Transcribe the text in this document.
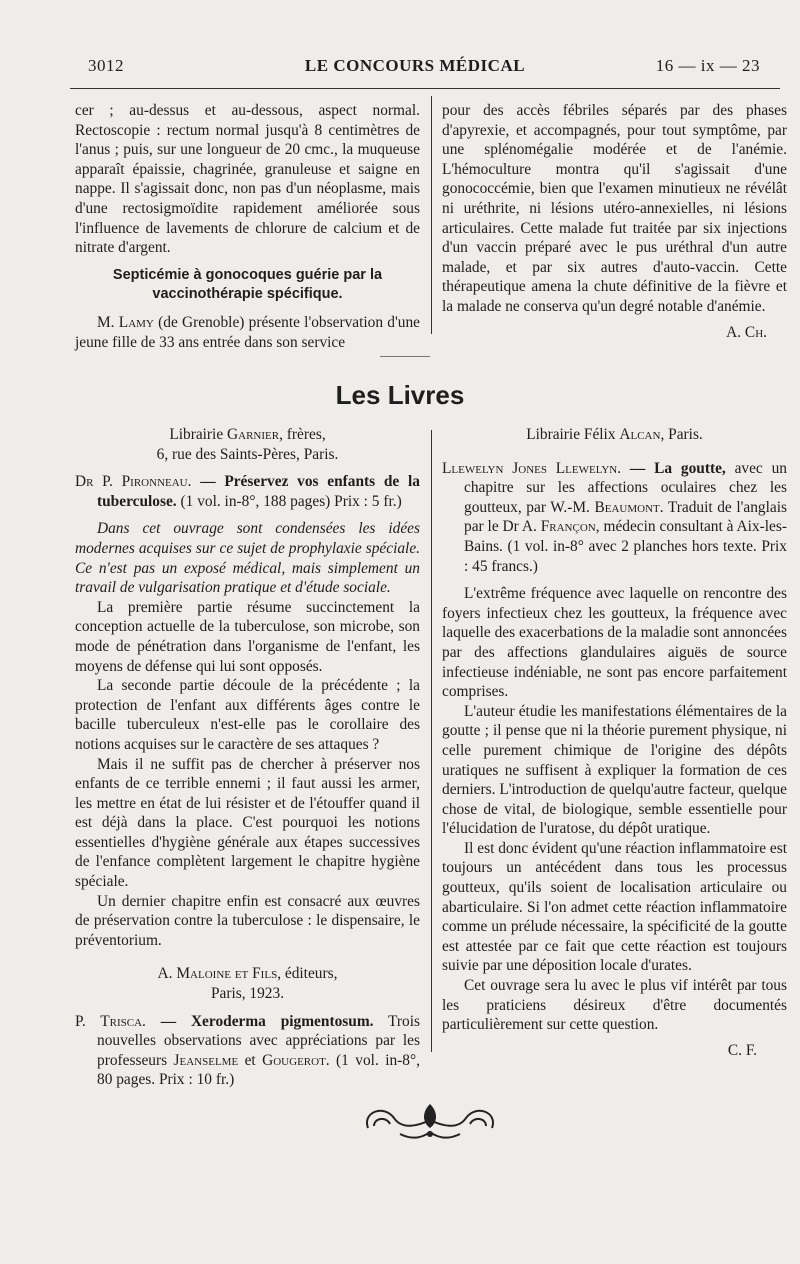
3012	LE CONCOURS MÉDICAL	16 — ix — 23

cer ; au-dessus et au-dessous, aspect normal. Rectoscopie : rectum normal jusqu'à 8 centimètres de l'anus ; puis, sur une longueur de 20 cmc., la muqueuse apparaît épaissie, chagrinée, granuleuse et saigne en nappe. Il s'agissait donc, non pas d'un néoplasme, mais d'une rectosigmoïdite rapidement améliorée sous l'influence de lavements de chlorure de calcium et de nitrate d'argent.

Septicémie à gonocoques guérie par la vaccinothérapie spécifique.

M. Lamy (de Grenoble) présente l'observation d'une jeune fille de 33 ans entrée dans son service

pour des accès fébriles séparés par des phases d'apyrexie, et accompagnés, pour tout symptôme, par une splénomégalie modérée et de l'anémie. L'hémoculture montra qu'il s'agissait d'une gonococcémie, bien que l'examen minutieux ne révélât ni uréthrite, ni lésions utéro-annexielles, ni lésions articulaires. Cette malade fut traitée par six injections d'un vaccin préparé avec le pus uréthral d'un autre malade, et par six autres d'auto-vaccin. Cette thérapeutique amena la chute définitive de la fièvre et la malade ne conserva qu'un degré notable d'anémie.

A. Ch.

Les Livres

Librairie Garnier, frères,

6, rue des Saints-Pères, Paris.

Dr P. Pironneau. — Préservez vos enfants de la tuberculose. (1 vol. in-8°, 188 pages) Prix : 5 fr.)

Dans cet ouvrage sont condensées les idées modernes acquises sur ce sujet de prophylaxie spéciale. Ce n'est pas un exposé médical, mais simplement un travail de vulgarisation pratique et d'étude sociale.

La première partie résume succinctement la conception actuelle de la tuberculose, son microbe, son mode de pénétration dans l'organisme de l'enfant, les moyens de défense qui lui sont opposés.

La seconde partie découle de la précédente ; la protection de l'enfant aux différents âges contre le bacille tuberculeux n'est-elle pas le corollaire des notions acquises sur le caractère de ses attaques ?

Mais il ne suffit pas de chercher à préserver nos enfants de ce terrible ennemi ; il faut aussi les armer, les mettre en état de lui résister et de l'étouffer quand il est déjà dans la place. C'est pourquoi les notions essentielles d'hygiène générale aux étapes successives de l'enfance complètent largement le chapitre hygiène spéciale.

Un dernier chapitre enfin est consacré aux œuvres de préservation contre la tuberculose : le dispensaire, le préventorium.

A. Maloine et Fils, éditeurs,

Paris, 1923.

P. Trisca. — Xeroderma pigmentosum. Trois nouvelles observations avec appréciations par les professeurs Jeanselme et Gougerot. (1 vol. in-8°, 80 pages. Prix : 10 fr.)

Librairie Félix Alcan, Paris.

Llewelyn Jones Llewelyn. — La goutte, avec un chapitre sur les affections oculaires chez les goutteux, par W.-M. Beaumont. Traduit de l'anglais par le Dr A. Françon, médecin consultant à Aix-les-Bains. (1 vol. in-8° avec 2 planches hors texte. Prix : 45 francs.)

L'extrême fréquence avec laquelle on rencontre des foyers infectieux chez les goutteux, la fréquence avec laquelle des exacerbations de la maladie sont annoncées par des affections glandulaires aiguës de source infectieuse indéniable, ne sont pas encore parfaitement comprises.

L'auteur étudie les manifestations élémentaires de la goutte ; il pense que ni la théorie purement physique, ni celle purement chimique de l'origine des dépôts uratiques ne suffisent à expliquer la formation de ces derniers. L'introduction de quelqu'autre facteur, quelque chose de vital, de biologique, semble essentielle pour l'élucidation de l'uratose, du dépôt uratique.

Il est donc évident qu'une réaction inflammatoire est toujours un antécédent dans tous les processus goutteux, qu'ils soient de localisation articulaire ou abarticulaire. Si l'on admet cette réaction inflammatoire comme un prélude nécessaire, la spécificité de la goutte est attestée par ce fait que cette réaction est toujours suivie par une déposition locale d'urates.

Cet ouvrage sera lu avec le plus vif intérêt par tous les praticiens désireux d'être documentés particulièrement sur cette question.

C. F.
